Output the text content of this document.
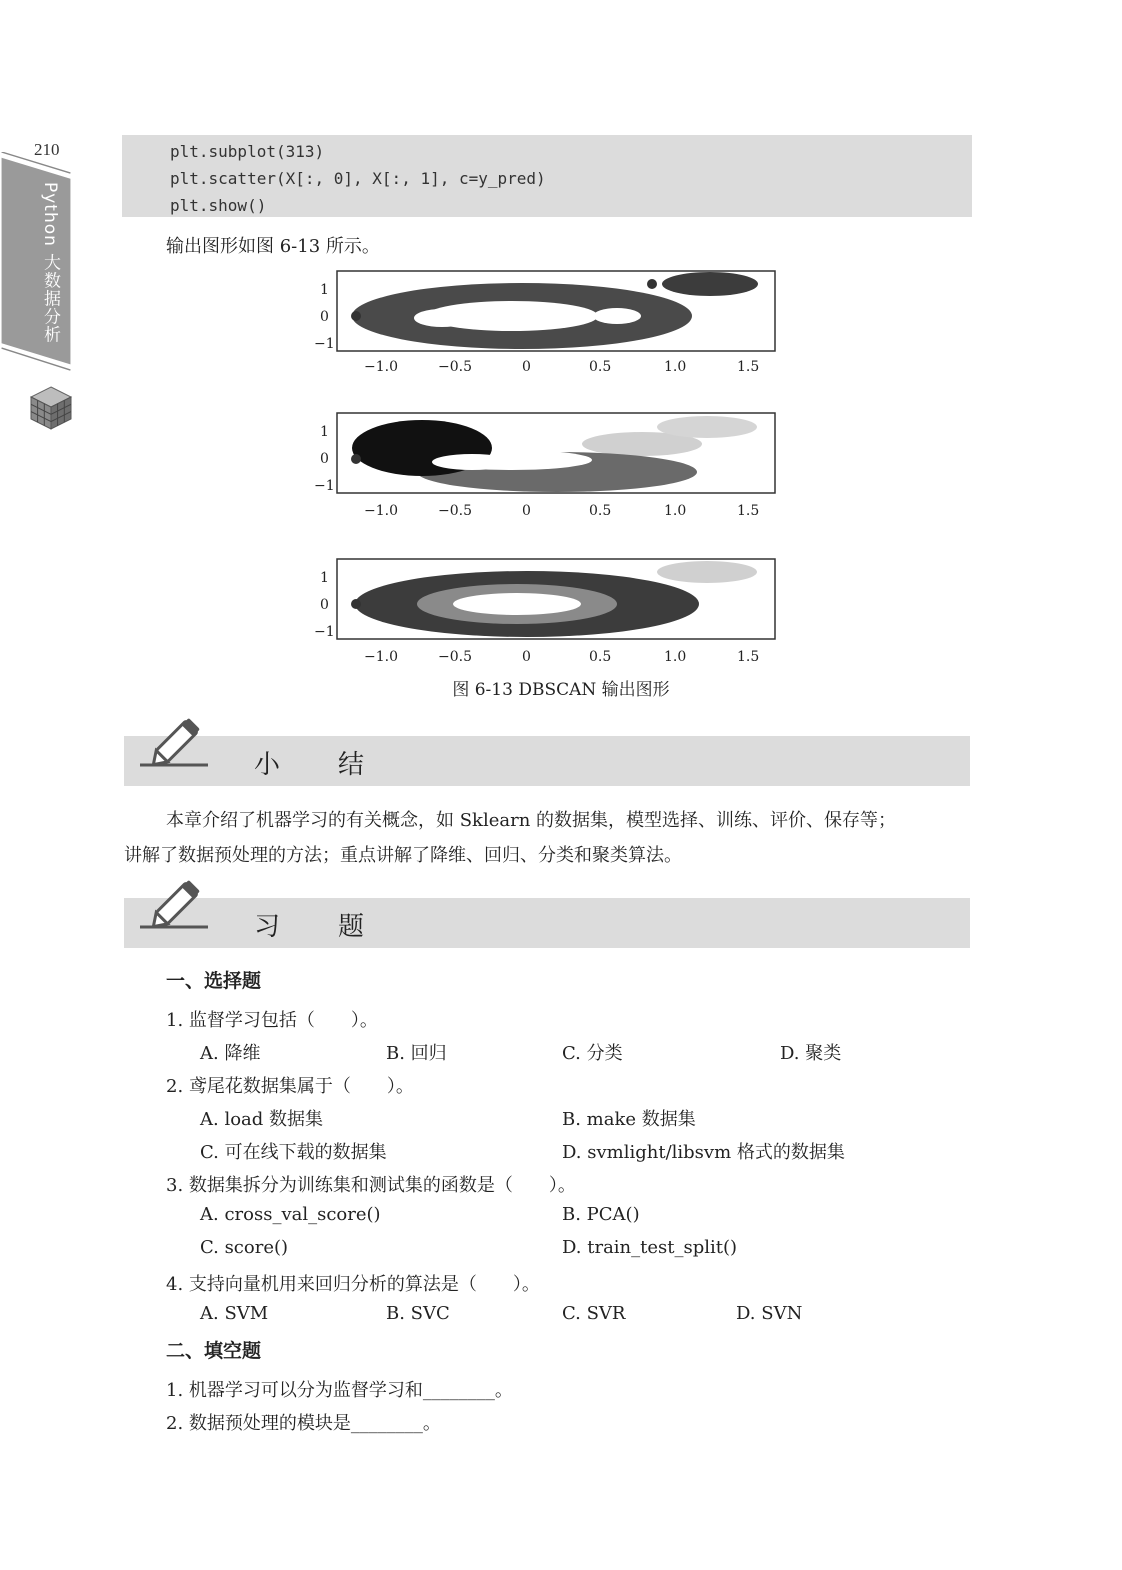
210
Python 大数据分析
plt.subplot(313)
plt.scatter(X[:, 0], X[:, 1], c=y_pred)
plt.show()
输出图形如图 6-13 所示。
1
0
−1
−1.0	−0.5	0	0.5	1.0	1.5
1
0
−1
−1.0	−0.5	0	0.5	1.0	1.5
1
0
−1
−1.0	−0.5	0	0.5	1.0	1.5
图 6-13 DBSCAN 输出图形
小结
本章介绍了机器学习的有关概念，如 Sklearn 的数据集，模型选择、训练、评价、保存等；
讲解了数据预处理的方法；重点讲解了降维、回归、分类和聚类算法。
习题
一、选择题
1. 监督学习包括（　　）。
A. 降维	B. 回归	C. 分类	D. 聚类
2. 鸢尾花数据集属于（　　）。
A. load 数据集	B. make 数据集
C. 可在线下载的数据集	D. svmlight/libsvm 格式的数据集
3. 数据集拆分为训练集和测试集的函数是（　　）。
A. cross_val_score()	B. PCA()
C. score()	D. train_test_split()
4. 支持向量机用来回归分析的算法是（　　）。
A. SVM	B. SVC	C. SVR	D. SVN
二、填空题
1. 机器学习可以分为监督学习和________。
2. 数据预处理的模块是________。
